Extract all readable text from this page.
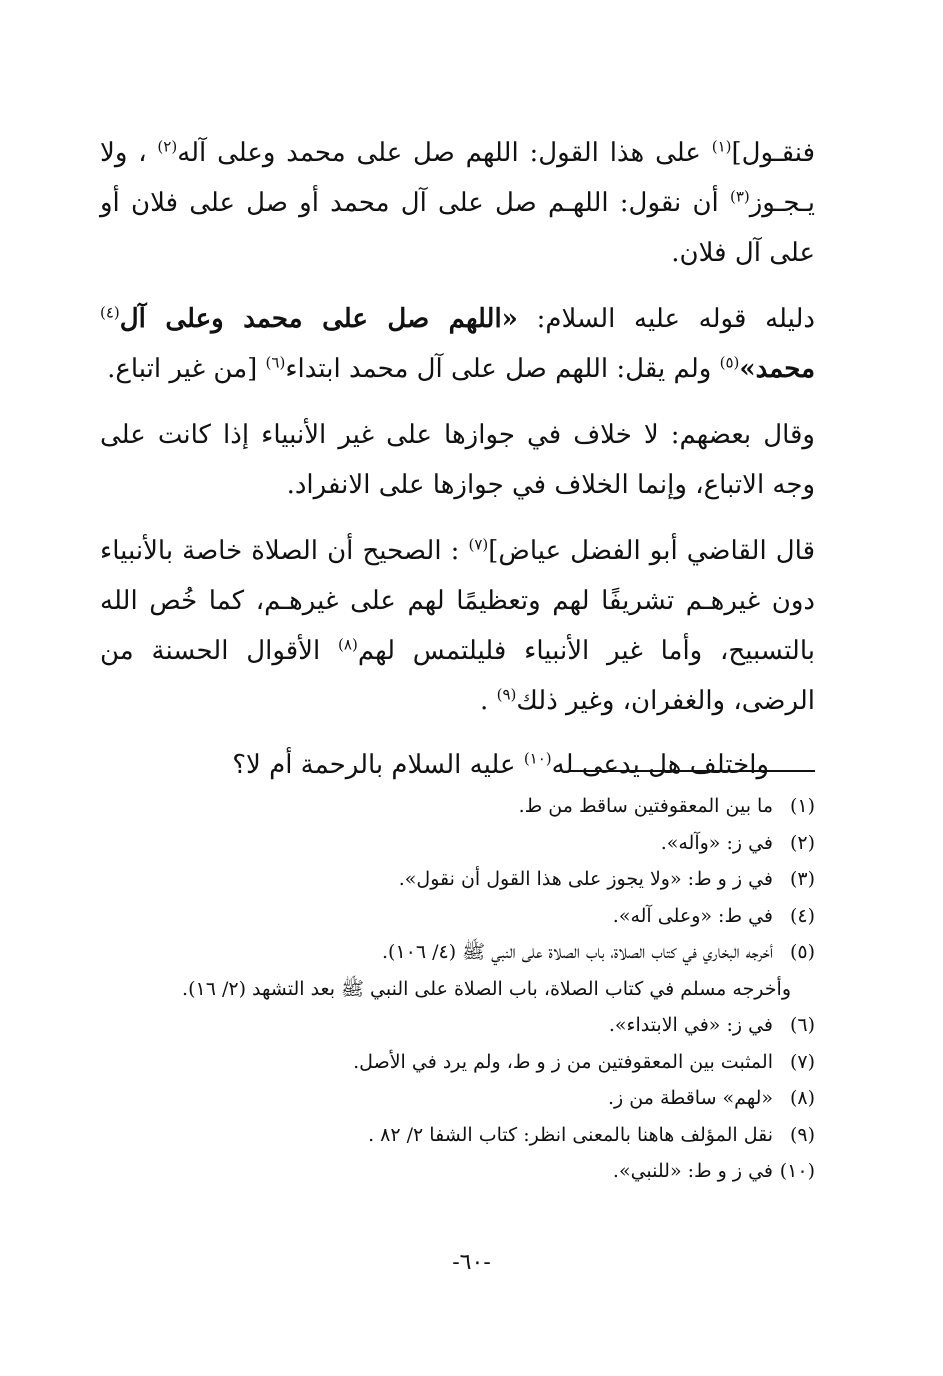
فنقـول]$^{(١)}$ على هذا القول: اللهم صل على محمد وعلى آله$^{(٢)}$ ، ولا يـجـوز$^{(٣)}$ أن نقول: اللهـم صل على آل محمد أو صل على فلان أو على آل فلان.

دليله قوله عليه السلام: «اللهم صل على محمد وعلى آل$^{(٤)}$ محمد»$^{(٥)}$ ولم يقل: اللهم صل على آل محمد ابتداء$^{(٦)}$ [من غير اتباع.

وقال بعضهم: لا خلاف في جوازها على غير الأنبياء إذا كانت على وجه الاتباع، وإنما الخلاف في جوازها على الانفراد.

قال القاضي أبو الفضل عياض]$^{(٧)}$ : الصحيح أن الصلاة خاصة بالأنبياء دون غيرهـم تشريفًا لهم وتعظيمًا لهم على غيرهـم، كما خُص الله بالتسبيح، وأما غير الأنبياء فليلتمس لهم$^{(٨)}$ الأقوال الحسنة من الرضى، والغفران، وغير ذلك$^{(٩)}$ .

واختلف هل يدعى له$^{(١٠)}$ عليه السلام بالرحمة أم لا؟

(١)
ما بين المعقوفتين ساقط من ط.
(٢)
في ز: «وآله».
(٣)
في ز و ط: «ولا يجوز على هذا القول أن نقول».
(٤)
في ط: «وعلى آله».
(٥)
أخرجه البخاري في كتاب الصلاة، باب الصلاة على النبي ﷺ (٤/ ١٠٦).
وأخرجه مسلم في كتاب الصلاة، باب الصلاة على النبي ﷺ بعد التشهد (٢/ ١٦).
(٦)
في ز: «في الابتداء».
(٧)
المثبت بين المعقوفتين من ز و ط، ولم يرد في الأصل.
(٨)
«لهم» ساقطة من ز.
(٩)
نقل المؤلف هاهنا بالمعنى انظر: كتاب الشفا ٢/ ٨٢ .
(١٠)
في ز و ط: «للنبي».
-٦٠-
